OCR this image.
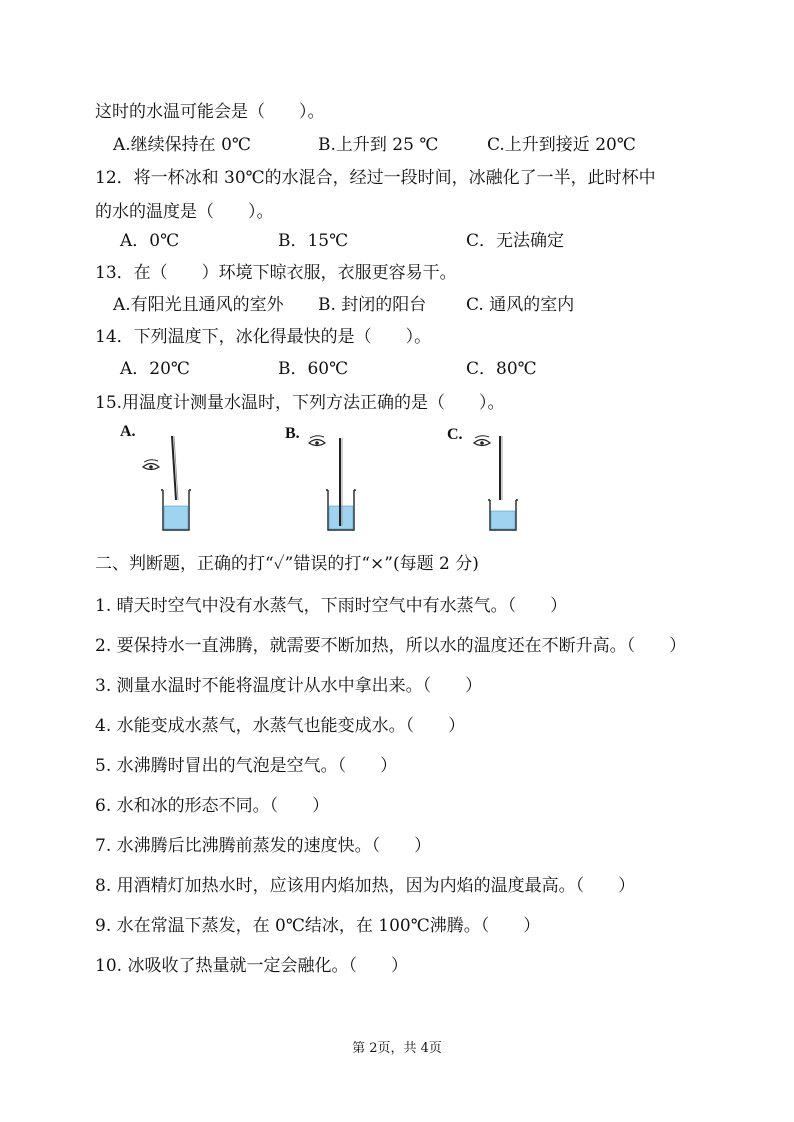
这时的水温可能会是（　　）。
A.继续保持在 0℃	B.上升到 25 ℃	C.上升到接近 20℃
12．将一杯冰和 30℃的水混合，经过一段时间，冰融化了一半，此时杯中
的水的温度是（　　）。
A．0℃	B．15℃	C．无法确定
13．在（　　）环境下晾衣服，衣服更容易干。
A.有阳光且通风的室外 B. 封闭的阳台 C. 通风的室内
14．下列温度下，冰化得最快的是（　　）。
A．20℃	B．60℃	C．80℃
15.用温度计测量水温时，下列方法正确的是（　　）。
A.	B.	C.
二、判断题，正确的打“✓”错误的打“×”(每题 2 分)
1. 晴天时空气中没有水蒸气，下雨时空气中有水蒸气。（　　）
2. 要保持水一直沸腾，就需要不断加热，所以水的温度还在不断升高。（　　）
3. 测量水温时不能将温度计从水中拿出来。（　　）
4. 水能变成水蒸气，水蒸气也能变成水。（　　）
5. 水沸腾时冒出的气泡是空气。（　　）
6. 水和冰的形态不同。（　　）
7. 水沸腾后比沸腾前蒸发的速度快。（　　）
8. 用酒精灯加热水时，应该用内焰加热，因为内焰的温度最高。（　　）
9. 水在常温下蒸发，在 0℃结冰，在 100℃沸腾。（　　）
10. 冰吸收了热量就一定会融化。（　　）
第 2页，共 4页
